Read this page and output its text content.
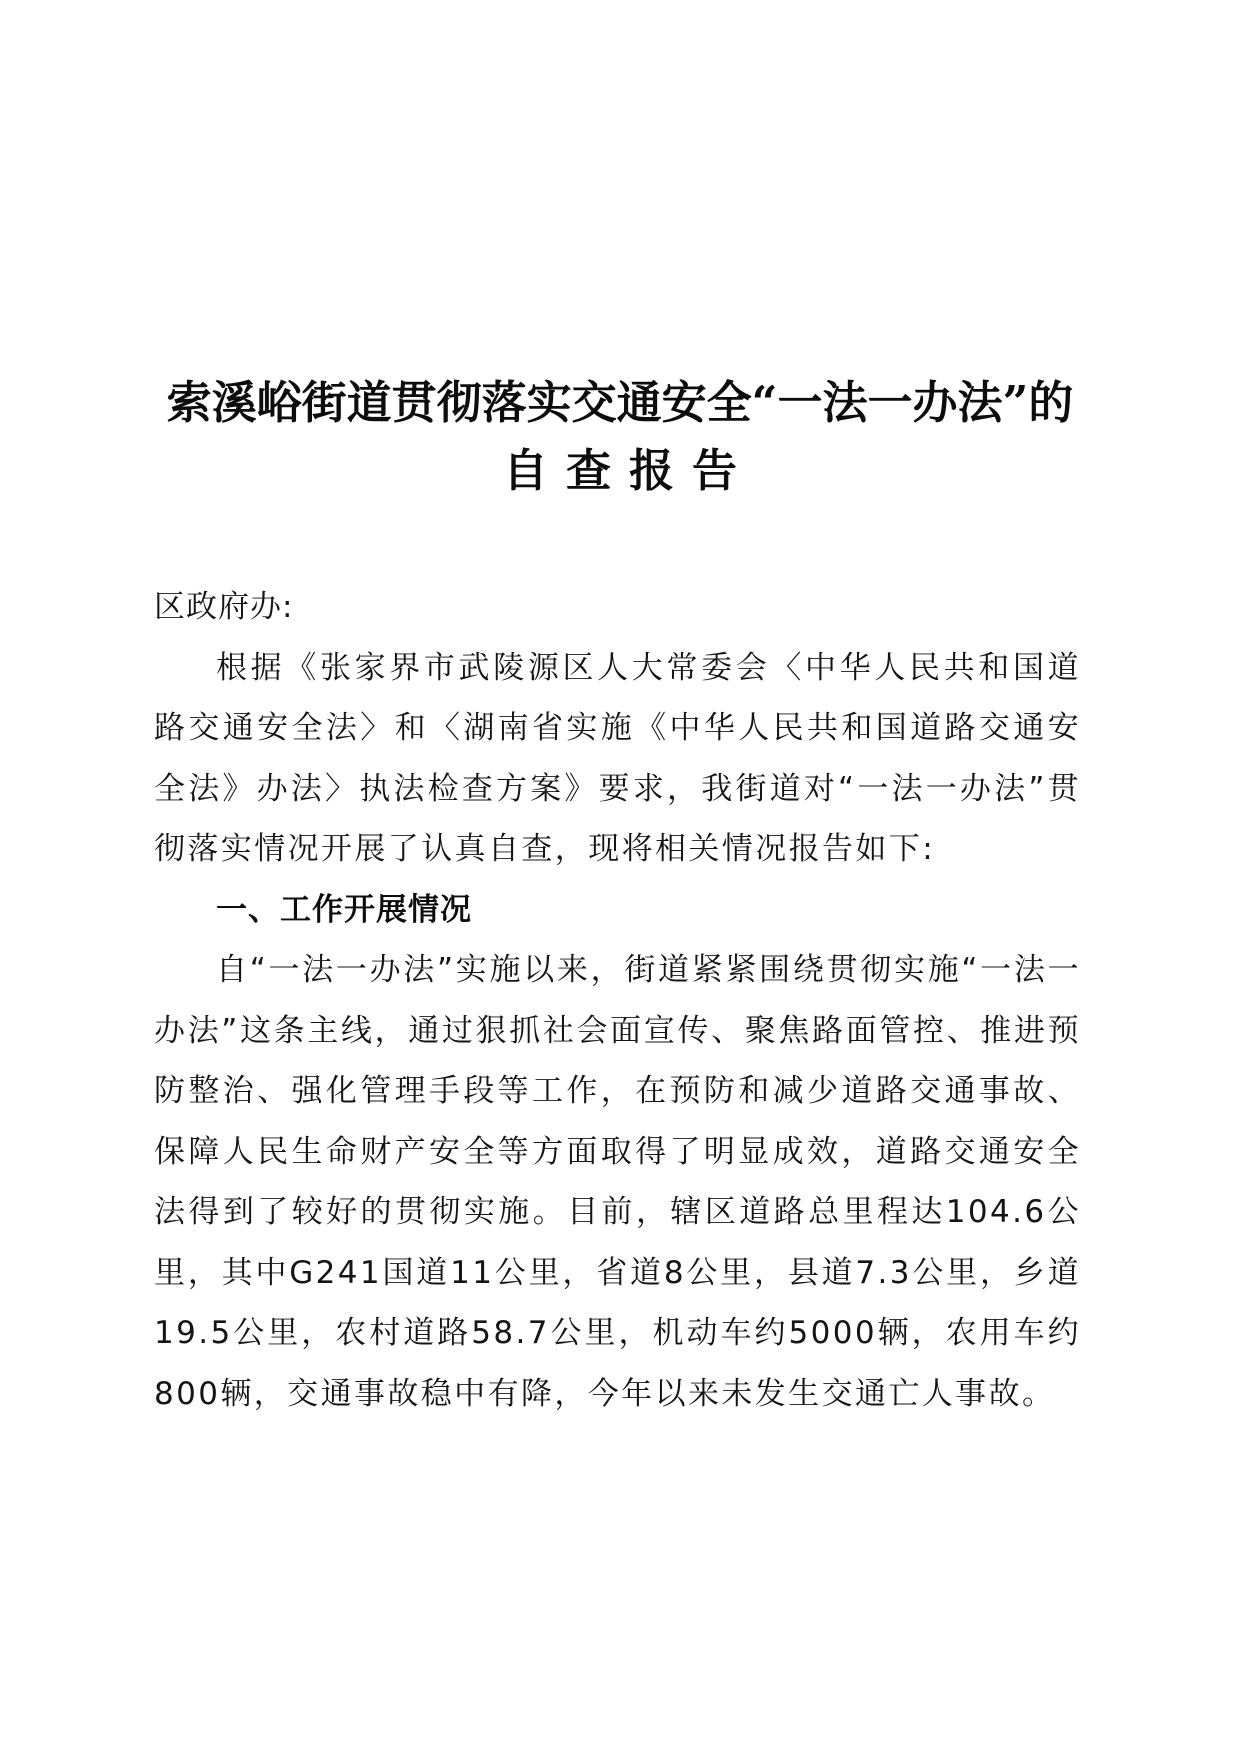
索溪峪街道贯彻落实交通安全“一法一办法”的
自查报告

区政府办:

根据《张家界市武陵源区人大常委会〈中华人民共和国道路交通安全法〉和〈湖南省实施《中华人民共和国道路交通安全法》办法〉执法检查方案》要求，我街道对“一法一办法”贯彻落实情况开展了认真自查，现将相关情况报告如下:

一、工作开展情况

自“一法一办法”实施以来，街道紧紧围绕贯彻实施“一法一办法”这条主线，通过狠抓社会面宣传、聚焦路面管控、推进预防整治、强化管理手段等工作，在预防和减少道路交通事故、保障人民生命财产安全等方面取得了明显成效，道路交通安全法得到了较好的贯彻实施。目前，辖区道路总里程达104.6公里，其中G241国道11公里，省道8公里，县道7.3公里，乡道19.5公里，农村道路58.7公里，机动车约5000辆，农用车约800辆，交通事故稳中有降，今年以来未发生交通亡人事故。
